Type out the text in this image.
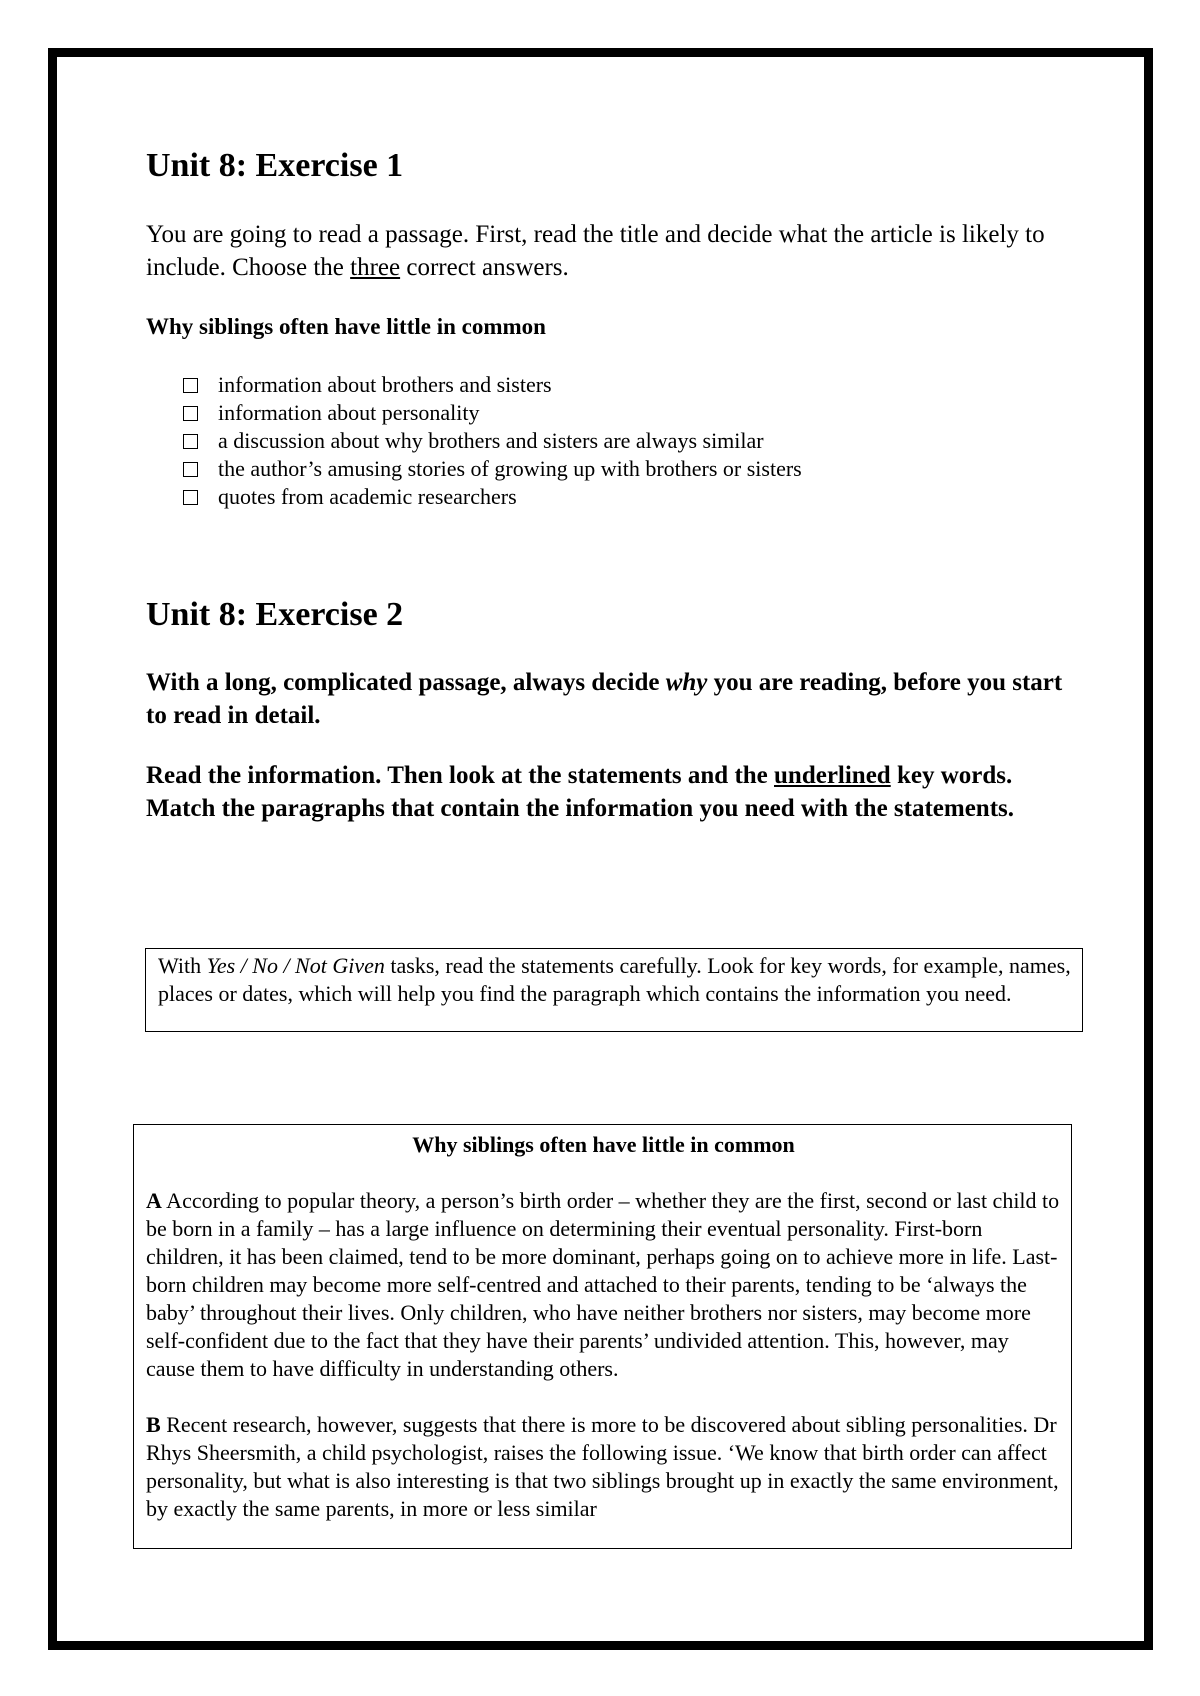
Unit 8: Exercise 1
You are going to read a passage. First, read the title and decide what the article is likely to include. Choose the three correct answers.
Why siblings often have little in common
information about brothers and sisters
information about personality
a discussion about why brothers and sisters are always similar
the author’s amusing stories of growing up with brothers or sisters
quotes from academic researchers
Unit 8: Exercise 2
With a long, complicated passage, always decide why you are reading, before you start to read in detail.
Read the information. Then look at the statements and the underlined key words. Match the paragraphs that contain the information you need with the statements.
With Yes / No / Not Given tasks, read the statements carefully. Look for key words, for example, names, places or dates, which will help you find the paragraph which contains the information you need.
Why siblings often have little in common
A According to popular theory, a person’s birth order – whether they are the first, second or last child to be born in a family – has a large influence on determining their eventual personality. First-born children, it has been claimed, tend to be more dominant, perhaps going on to achieve more in life. Last-born children may become more self-centred and attached to their parents, tending to be ‘always the baby’ throughout their lives. Only children, who have neither brothers nor sisters, may become more self-confident due to the fact that they have their parents’ undivided attention. This, however, may cause them to have difficulty in understanding others.
B Recent research, however, suggests that there is more to be discovered about sibling personalities. Dr Rhys Sheersmith, a child psychologist, raises the following issue. ‘We know that birth order can affect personality, but what is also interesting is that two siblings brought up in exactly the same environment, by exactly the same parents, in more or less similar
